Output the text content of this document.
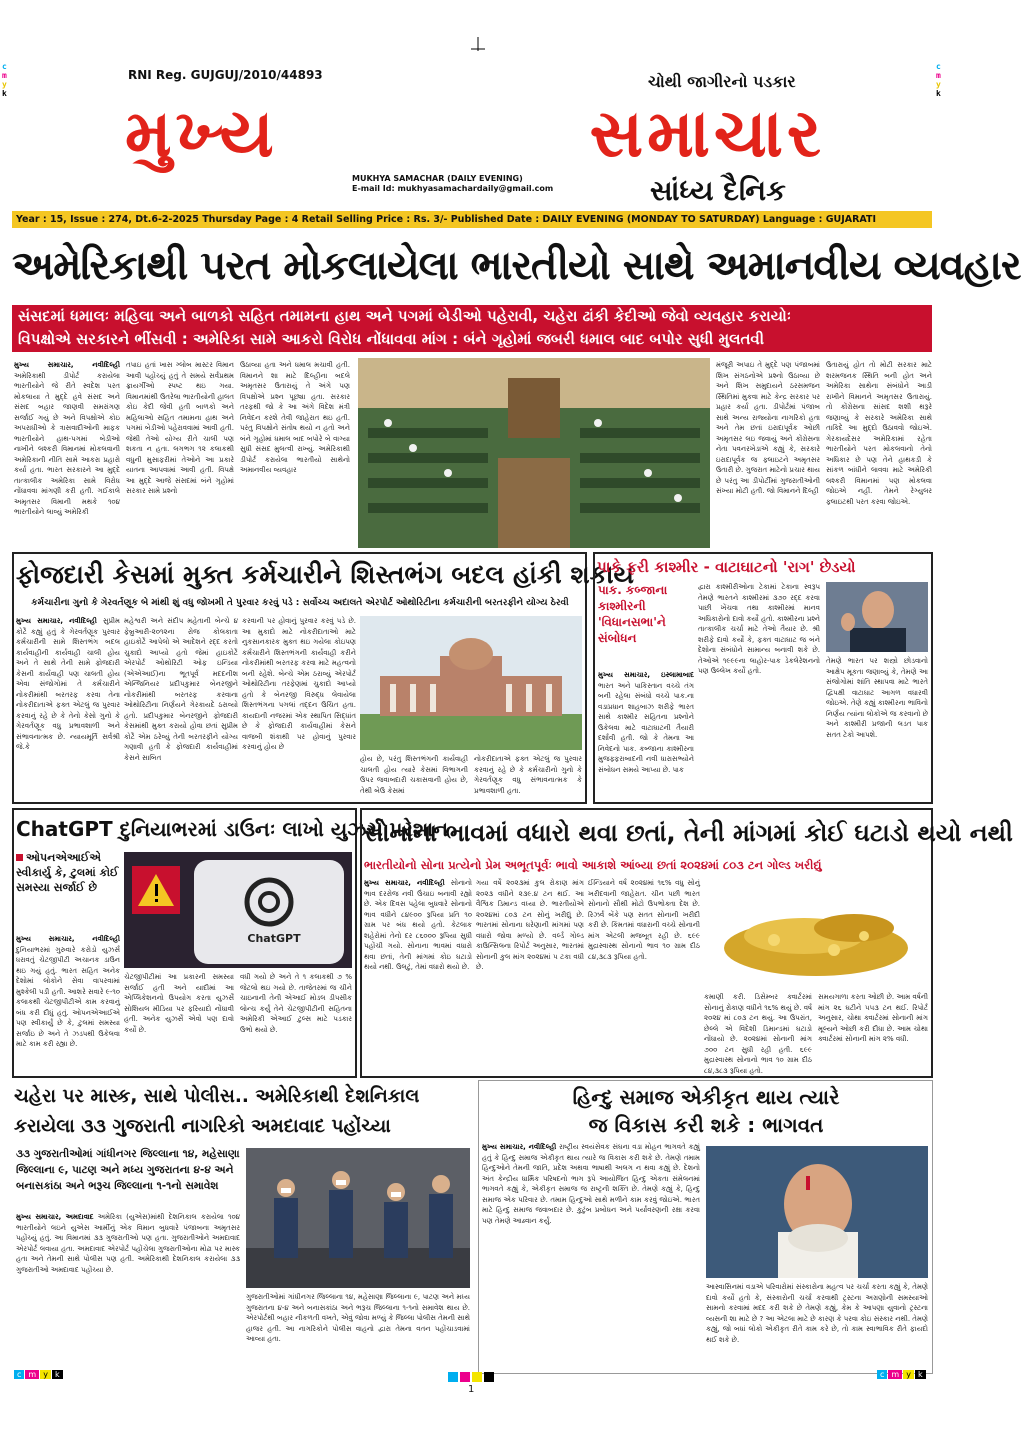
c
m
y
k
c
m
y
k
RNI Reg. GUJGUJ/2010/44893	ચોથી જાગીરનો પડકાર
મુખ્ય	સમાચાર
MUKHYA SAMACHAR (DAILY EVENING)
E-mail Id: mukhyasamachardaily@gmail.com	સાંધ્ય દૈનિક
Year : 15, Issue : 274, Dt.6-2-2025 Thursday Page : 4 Retail Selling Price : Rs. 3/- Published Date : DAILY EVENING (MONDAY TO SATURDAY) Language : GUJARATI
અમેરિકાથી પરત મોકલાયેલા ભારતીયો સાથે અમાનવીય વ્યવહાર
સંસદમાં ધમાલઃ મહિલા અને બાળકો સહિત તમામના હાથ અને પગમાં બેડીઓ પહેરાવી, ચહેરા ઢાંકી કેદીઓ જેવો વ્યવહાર કરાયોઃ
વિપક્ષોએ સરકારને ભીંસવી : અમેરિકા સામે આકરો વિરોધ નોંધાવવા માંગ : બંને ગૃહોમાં જબરી ધમાલ બાદ બપોર સુધી મુલતવી
મુખ્ય સમાચાર, નવીદિલ્હી અમેરિકાથી ડીપોર્ટ કરાયેલા ભારતીયોને જે રીતે સ્વદેશ પરત મોકલાયા તે મુદ્દે હવે સંસદ અને સંસદ બહાર જાણવી સમરાંગણ સર્જાઈ ગયું છે અને વિપક્ષોએ કોઇ અપરાધીઓ કે ત્રાસવાદીઓની માફક ભારતીયોને હાથ-પગમાં બેડીઓ નાખીને લશ્કરી વિમાનમાં મોકલવાની અમેરિકાની નીતિ સામે આકરા પ્રહારો કર્યા હતા. ભારત સરકારને આ મુદ્દે તાત્કાલીક અમેરિકા સામે વિરોધ નોંધાવવા માંગણી કરી હતી. ગઈકાલે અમૃતસર વિમાની મથકે ૧૦૪ ભારતીયોને લાવ્યું અમેરિકી
તપાઇ હતાં ખાસ ગ્લોબ માસ્ટર વિમાન આવી પહોંચ્યું હતું તે સમયે સર્વપ્રથમ ફ્રાયર્ગીઓ સ્પષ્ટ થઇ ગયા. વિમાનમાંથી ઉતરેલા ભારતીયોની હાલત કોઇ કેદી જેવી હતી બાળકો અને મહિલાઓ સહિત તમામના હાથ અને પગમાં બેડીઓ પહેરાવવામાં આવી હતી. જેથી તેઓ યોગ્ય રીતે ચાલી પણ શકતા ન હતા. લગભગ ૧૨ કલાકથી વધુની મુસાફરીમાં તેઓને આ પ્રકારે યાતના આપવામાં આવી હતી. વિપક્ષે આ મુદ્દે આજે સંસદમાં બંને ગૃહોમાં સરકાર સામે પ્રશ્નો
ઉઠાવ્યા હતા અને ધમાલ મચાવી હતી. વિમાનને શા માટે દિલ્હીના બદલે અમૃતસર ઉતારાયું તે અંગે પણ વિપક્ષોએ પ્રશ્ન પૂછ્યા હતા. સરકાર તરફથી જો કે આ અંગે વિદેશ મંત્રી નિવેદન કરશે તેવી જાહેરાત થઇ હતી. પરંતુ વિપક્ષોને સંતોષ થયો ન હતો અને બંને ગૃહોમાં ધમાલ બાદ બપોરે બે વાગ્યા સુધી સંસદ મુલત્વી રાખ્યું. અમેરિકાથી ડીપોર્ટ કરાયેલા ભારતીયો સાથેનો અમાનવીય વ્યવહાર
મંજૂરી અપાઇ તે મુદ્દે પણ પંજાબમાં શિખ સંગઠનોએ પ્રશ્નો ઉઠાવ્યા છે અને શિખ સમુદાયને ઠરસમજન સ્થિતિમાં મુકવા માટે કેન્દ્ર સરકાર પર પ્રહાર કર્યા હતા. ડીપોર્ટમાં પંજાબ સાથે અન્ય રાજ્યોના નાગરિકો હતા અને તેમ છતાં ઇરાદાપૂર્વક ઓછી અમૃતસર લઇ જવાયું અને કોંગ્રેસના નેતા પવનરખેડાએ કહ્યું કે, સરકારે ઇરાદાપૂર્વક જ ફ્લાઇટને અમૃતસર ઉતારી છે. ગુજરાત માટેનો પ્રચાર થાય છે પરંતુ આ ડીપોર્ટીમાં ગુજરાતીઓની સંખ્યા મોટી હતી. જો વિમાનને દિલ્હી
ઉતારાયું હોત તો મોટી સરકાર માટે શરમજનક સ્થિતિ બની હોત અને અમેરિકા સાથેના સંબંધોને આડી રાખીને વિમાનને અમૃતસર ઉતારાયું. તો કોંગ્રેસના સાંસદ શશી થરૂરે જણાવ્યું કે સરકારે અમેરિકા સાથે તાકિદે આ મુદ્દો ઉઠાવવો જોઇએ. ગેરકાયદેસર અમેરિકામાં રહેતા ભારતીયોને પરત મોકલવાનો તેનો અધિકાર છે પણ તેને હાથકડી કે સાંકળ બાંધીને લાવવા માટે અમેરિકી લશ્કરી વિમાનમાં પણ મોકલવા જોઇએ નહીં. તેમને રેગ્યુલર ફ્લાઇટથી પરત કરવા જોઇએ.
ફોજદારી કેસમાં મુક્ત કર્મચારીને શિસ્તભંગ બદલ હાંકી શકાય
કર્મચારીના ગુનો કે ગેરવર્તણૂક બે માંથી શું વધુ જોખમી તે પુરવાર કરવું પડે : સર્વોચ્ચ અદાલતે એરપોર્ટ ઓથોરિટીના કર્મચારીની બરતરફીને યોગ્ય ઠેરવી
મુખ્ય સમાચાર, નવીદિલ્હી સુપ્રીમ કોર્ટે કહ્યું હતું કે ગેરવર્તણૂક પુરવાર કર્મચારીની સામે શિસ્તભંગ બદલ કાર્યવાહીની કાર્યવાહી ચાલી હોય અને તે સાથે તેની સામે ફોજદારી કેસની કાર્યવાહી પણ ચાલતી હોય એવા સંજોગોમાં તે કર્મચારીને નોકરીમાંથી બરતરફ કરવા તેના નોકરીદાતાએ ફક્ત એટલું જ પુરવાર કરવાનું રહે છે કે તેનો કેસો ગુનો કે ગેરવર્તણૂક વધુ પ્રભાવશાળી અને સંભાવનાત્મક છે. ન્યાયમૂર્તિ સર્વશ્રી જે.કે
મહેશ્વરી અને સંદીપ મહેતાની બેન્ચે ૪ ફેબ્રુઆરી-૨૦૧૨ના રોજ કોલકાતા હાઇકોર્ટે આપેલો એ આદેશને રદ્દ કરતો ચુકાદો આપ્યો હતો જેમાં હાઇકોર્ટે એરપોર્ટ ઓથોરિટી ઓફ ઇન્ડિયા (એએઆઈ)ના ભૂતપૂર્વ મદદનીશ એન્જિનિયર પ્રદીપકુમાર બેનરજીને નોકરીમાંથી બરતરફ કરવાના ઓથોરિટીના નિર્ણયને ગેરકાયદે ઠરાવ્યો હતો. પ્રદીપકુમાર બેનરજીને ફોજદારી કેસમાંથી મુક્ત કરાયો હોવા છતાં સુપ્રીમ કોર્ટે એમ ઠરેવ્યું તેની બરતરફીને યોગ્ય ગણાવી હતી કે ફોજદારી કાર્યવાહીમાં કેસને સાબિત
કરવાની પર હોવાનું પુરવાર કરવું પડે છે. આ મુકાદો માટે નોકરીદાતાઓ માટે નુકસાનકારક મુક્ત થઇ ગયેલા કોઇપણ કર્મચારીને શિસ્તભંગની કાર્યવાહી કરીને નોકરીમાંથી બરતરફ કરવા માટે મહત્વનો બની રહેશે. બેન્ચે એમ ઠરાવ્યું એરપોર્ટ ઓથોરિટીના તરફેણમાં ચુકાદો આપ્યો હતો કે બેનરજી વિરુદ્ધ લેવાયેલા શિસ્તભંગના પગલાં તદ્દન ઉચિત હતા. કાયદાની નજરમાં એક સ્થાપિત સિદ્ધાંત છે કે ફોજદારી કાર્યવાહીમાં કેસને વાજબી શંકાથી પર હોવાનું પુરવાર કરવાનું હોય છે
હોય છે, પરંતુ શિસ્તભંગની કાર્યવાહી ચાલતી હોય ત્યારે કેસમાં વિભાગની ઉપર જવાબદારી ચકાસવાની હોય છે, તેથી બેઉ કેસમાં
નોકરીદાતાએ ફક્ત એટલું જ પુરવાર કરવાનું રહે છે કે કર્મચારીનો ગુનો કે ગેરવર્તણૂક વધુ સંભાવનાત્મક કે પ્રભાવશાળી હતા.
પાકે ફરી કાશ્મીર - વાટાઘાટનો 'રાગ' છેડયો
પાક. કબ્જાના કાશ્મીરની 'વિધાનસભા'ને સંબોધન
મુખ્ય સમાચાર, ઇસ્લામાબાદ ભારત અને પાકિસ્તાન વચ્ચે તંગ બની રહેલા સંબંધો વચ્ચે પાક.ના વડાપ્રધાન શાહબાઝ શરીફે ભારત સાથે કાશ્મીર સહિતના પ્રશ્નોને ઉકેલવા માટે વાટાઘાટની તૈયારી દર્શાવી હતી. જો કે તેમના આ નિવેદનો પાક. કબ્જાના કાશ્મીરના મુજફ્ફરાબાદની નવી ધારાસભ્યોને સંબોધન સમયે આપ્યા છે. પાક
દ્વારા કાશ્મીરીઓના ટેકામાં ટેકાના સ્વરૂપ તેમણે ભારતને કાશ્મીરમાં ૩૭૦ રદ્દ કરવા પાછી ખેંચવા તથા કાશ્મીરમાં માનવ અધિકારોનો દાવો કર્યો હતો. કાશ્મીરના પ્રશ્ને તાત્કાલીક ચર્ચા માટે તેઓ તૈયાર છે. શ્રી શરીફે દાવો કર્યો કે, ફક્ત વાટાઘાટ જ બંને દેશોના સંબંધોને સામાન્ય બનાવી શકે છે. તેઓએ ૧૯૯૯ના લાહોર-પાક ડેકલેરેશનનો પણ ઉલ્લેખ કર્યો હતો.
તેમણે ભારત પર શસ્ત્રો છોડવાનો આક્ષેપ મૂકતા જણાવ્યું કે, તેમણે આ સંજોગોમાં શાંતિ સ્થાપવા માટે ભારતે દ્વિપક્ષી વાટાઘાટ આગળ વધારવી જોઇએ. તેણે કહ્યું કાશ્મીરના ભાવિનો નિર્ણય ત્યાંના લોકોએ જ કરવાનો છે અને કાશ્મીરી પ્રજાની લડત પાક સતત ટેકો આપશે.
ChatGPT દુનિયાભરમાં ડાઉનઃ લાખો યુઝર્સ પરેશાન
ઓપનએઆઈએ સ્વીકાર્યુ કે, ટુલમાં કોઈ સમસ્યા સર્જાઈ છે
મુખ્ય સમાચાર, નવીદિલ્હી દુનિયાભરમાં ગુરુવારે કરોડો યુઝર્સ ધરાવતું ચેટજીપીટી અચાનક ડાઉન થઇ ગયું હતું. ભારત સહિત અનેક દેશોમાં લોકોને સેવા વાપરવામાં મુશ્કેલી પડી હતી. આશરે સવારે ૯-૧૦ કલાકથી ચેટજીપીટીએ કામ કરવાનું બંધ કરી દીધું હતું. ઓપનએઆઈએ પણ સ્વીકાર્યું છે કે, ટુલમાં સમસ્યા સર્જાઇ છે અને તે ઝડપથી ઉકેલવા માટે કામ કરી રહ્યા છે.
ChatGPT
ચેટજીપીટીમાં આ પ્રકારની સમસ્યા સર્જાઈ હતી અને યાદીમાં આ એપ્લિકેશનનો ઉપયોગ કરતા યુઝર્સે સોશિયલ મીડિયા પર ફરિયાદો નોંધાવી હતી. અનેક યુઝર્સે એવો પણ દાવો કર્યો છે.
વધી ગયો છે અને તે ૧ કલાકથી ૭ % જેટલો થઇ ગયો છે. તાજેતરમાં જ ચીને ચાઇનાની તેની એઆઈ મોડલ ડીપસીક લોન્ચ કર્યું તેને ચેટજીપીટીની સહિતના અમેરિકી એઆઈ ટુલ્સ માટે પડકાર ઉભો થયો છે.
સોનાના ભાવમાં વધારો થવા છતાં, તેની માંગમાં કોઈ ઘટાડો થયો નથી
ભારતીયોનો સોના પ્રત્યેનો પ્રેમ અભૂતપૂર્વઃ ભાવો આકાશે આંબ્યા છતાં ૨૦૨૪માં ૮૦૩ ટન ગોલ્ડ ખરીદ્યું
મુખ્ય સમાચાર, નવીદિલ્હી સોનાનો ભાવ દરરોજ નવી ઉંચાઇ બનાવી રહ્યો છે. એક દિવસ પહેલા બુધવારે સોનાનો ભાવ વધીને ૮૪૯૦૦ રૂપિયા પ્રતિ ૧૦ ગ્રામ પર બંધ થયો હતો. કેટલાક શહેરોમાં તેનો દર ૮૬૦૦૦ રૂપિયા સુધી પહોંચી ગયો. સોનાના ભાવમાં વધારો થવા છતાં, તેની માંગમાં કોઇ ઘટાડો થયો નથી. ઉલટું, તેમાં વધારો થયો છે.
ગયા વર્ષે ૨૦૨૩માં કુલ રોકાણ માંગ ૨૦૨૩ વધીને ૨૩૯.૪ ટન થઈ. આ વૈશ્વિક ડિમાન્ડ વધ્યા છે. ભારતીયોએ ૨૦૨૪માં ૮૦૩ ટન સોનું ખરીદ્યું છે. ભારતમાં સોનાના ઘરેણાની માંગમાં પણ વધારો જોવા મળ્યો છે. વર્લ્ડ ગોલ્ડ કાઉન્સિલના રિપોર્ટ અનુસાર, ભારતમાં સોનાની કુલ માંગ ૨૦૨૪માં ૫ ટકા વધી છે.
ઈન્ડિયાને વર્ષ ૨૦૨૪માં ૧૬% વધુ સોનું ખરીદવાની જાહેરાત. ચીન પછી ભારત સોનાનો સૌથી મોટો ઉપભોક્તા દેશ છે. રિઝર્વ બેંકે પણ સતત સોનાની ખરીદી કરી છે. કિંમતમાં વધારાની વચ્ચે સોનાની માંગ એટલી મજબૂત રહી છે. ૬૯૯ મુદ્રાસ્વાસ્થ સોનાનો ભાવ ૧૦ ગ્રામ દીઠ ૮૪,૩૮૩ રૂપિયા હતો.
કમાણી કરી. ડિસેમ્બર ક્વાર્ટરમાં સોનાનું રોકાણ વધીને ૧૬% થયું છે. વર્ષ ૨૦૨૪ માં ૮૦૩ ટન થયું. આ ઉપરાંત, છેલ્લે એ વિદેશી ડિમાન્ડમાં ઘટાડો નોંધાયો છે. ૨૦૨૪માં સોનાની માંગ ૭૦૦ ટન સુધી રહી હતી. ૬૯૯ મુદ્રાસ્વાસ્થ સોનાનો ભાવ ૧૦ ગ્રામ દીઠ ૮૪,૩૮૩ રૂપિયા હતો.
સમયગાળા કરતા ઓછી છે. આમ વર્ષની માંગ ૨૬ ઘટીને ૫૫૩ ટન થઈ. રિપોર્ટ અનુસાર, ચોથા ક્વાર્ટરમાં સોનાની માંગ મૂલ્યને ઓછી કરી દીધા છે. આમ ચોથા ક્વાર્ટરમાં સોનાની માંગ ૨% વધી.
ચહેરા પર માસ્ક, સાથે પોલીસ.. અમેરિકાથી દેશનિકાલ
કરાયેલા ૩૩ ગુજરાતી નાગરિકો અમદાવાદ પહોંચ્યા
૩૩ ગુજરાતીઓમાં ગાંધીનગર જિલ્લાના ૧૪, મહેસાણા જિલ્લાના ૯, પાટણ અને મધ્ય ગુજરાતના ૪-૪ અને બનાસકાંઠા અને ભરૂચ જિલ્લાના ૧-૧નો સમાવેશ
મુખ્ય સમાચાર, અમદાવાદ અમેરિકા (યુએસ)માંથી દેશનિકાલ કરાયેલા ૧૦૪ ભારતીયોને લઇને યુએસ આર્મીનું એક વિમાન બુધવારે પંજાબના અમૃતસર પહોંચ્યું હતું. આ વિમાનમાં ૩૩ ગુજરાતીઓ પણ હતા. ગુજરાતીઓને અમદાવાદ એરપોર્ટ લવાયા હતા. અમદાવાદ એરપોર્ટ પહોંચેલા ગુજરાતીઓના મોઢા પર માસ્ક હતા અને તેમની સાથે પોલીસ પણ હતી. અમેરિકાથી દેશનિકાલ કરાયેલા ૩૩ ગુજરાતીઓ અમદાવાદ પહોંચ્યા છે.
ગુજરાતીઓમાં ગાંધીનગર જિલ્લાના ૧૪, મહેસાણા જિલ્લાના ૯, પાટણ અને મધ્ય ગુજરાતના ૪-૪ અને બનાસકાંઠા અને ભરૂચ જિલ્લાના ૧-૧નો સમાવેશ થાય છે. એરપોર્ટથી બહાર નીકળતી વખતે, એવું જોવા મળ્યું કે જિલ્લા પોલીસ તેમની સાથે હાજર હતી. આ નાગરિકોને પોલીસ વાહનો દ્વારા તેમના વતન પહોંચાડવામાં આવ્યા હતા.
હિન્દુ સમાજ એકીકૃત થાય ત્યારે
જ વિકાસ કરી શકે : ભાગવત
મુખ્ય સમાચાર, નવીદિલ્હી રાષ્ટ્રીય સ્વયંસેવક સંઘના વડા મોહન ભાગવતે કહ્યું હતું કે હિન્દુ સમાજ એકીકૃત થાય ત્યારે જ વિકાસ કરી શકે છે. તેમણે તમામ હિન્દુઓને તેમની જાતિ, પ્રદેશ અથવા ભાષાથી અલગ ન થવા કહ્યું છે. દેશનો અંત કેન્દ્રીય ધાર્મિક પરિષદનો ભાગ રૂપે આયોજિત હિન્દુ એકતા સંમેલનમાં ભાગવતે કહ્યું કે, એકીકૃત સમાજ જ રાષ્ટ્રની શક્તિ છે. તેમણે કહ્યું કે, હિન્દુ સમાજ એક પરિવાર છે. તમામ હિન્દુઓ સાથે મળીને કામ કરવું જોઇએ. ભારત માટે હિન્દુ સમાજ જવાબદાર છે. કુટુંબ પ્રબોધન અને પર્યાવરણની રક્ષા કરવા પણ તેમણે આહ્વાન કર્યું.
આસ્વાસિનમાં વડાએ પરિવારોમાં સંસ્કારોના મહત્વ પર ચર્ચા કરતા કહ્યું કે, તેમણે દાવો કર્યો હતો કે, સંસ્કારોની ચર્ચા કરવાથી ટ્રસ્ટના અગ્રણોની સમસ્યાઓ સામનો કરવામાં મદદ કરી શકે છે તેમણે કહ્યું, કેમ કે આપણા યુવાનો ટ્રસ્ટના વ્યસની શા માટે છે ? આ એટલા માટે છે કારણ કે પરવા કોઇ સંસ્કાર નથી. તેમણે કહ્યું, જો બધાં લોકો એકીકૃત રીતે કામ કરે છે, તો કામ સ્વાભાવિક રીતે ફાયદો થઈ શકે છે.
c m y k	c m y k
1
